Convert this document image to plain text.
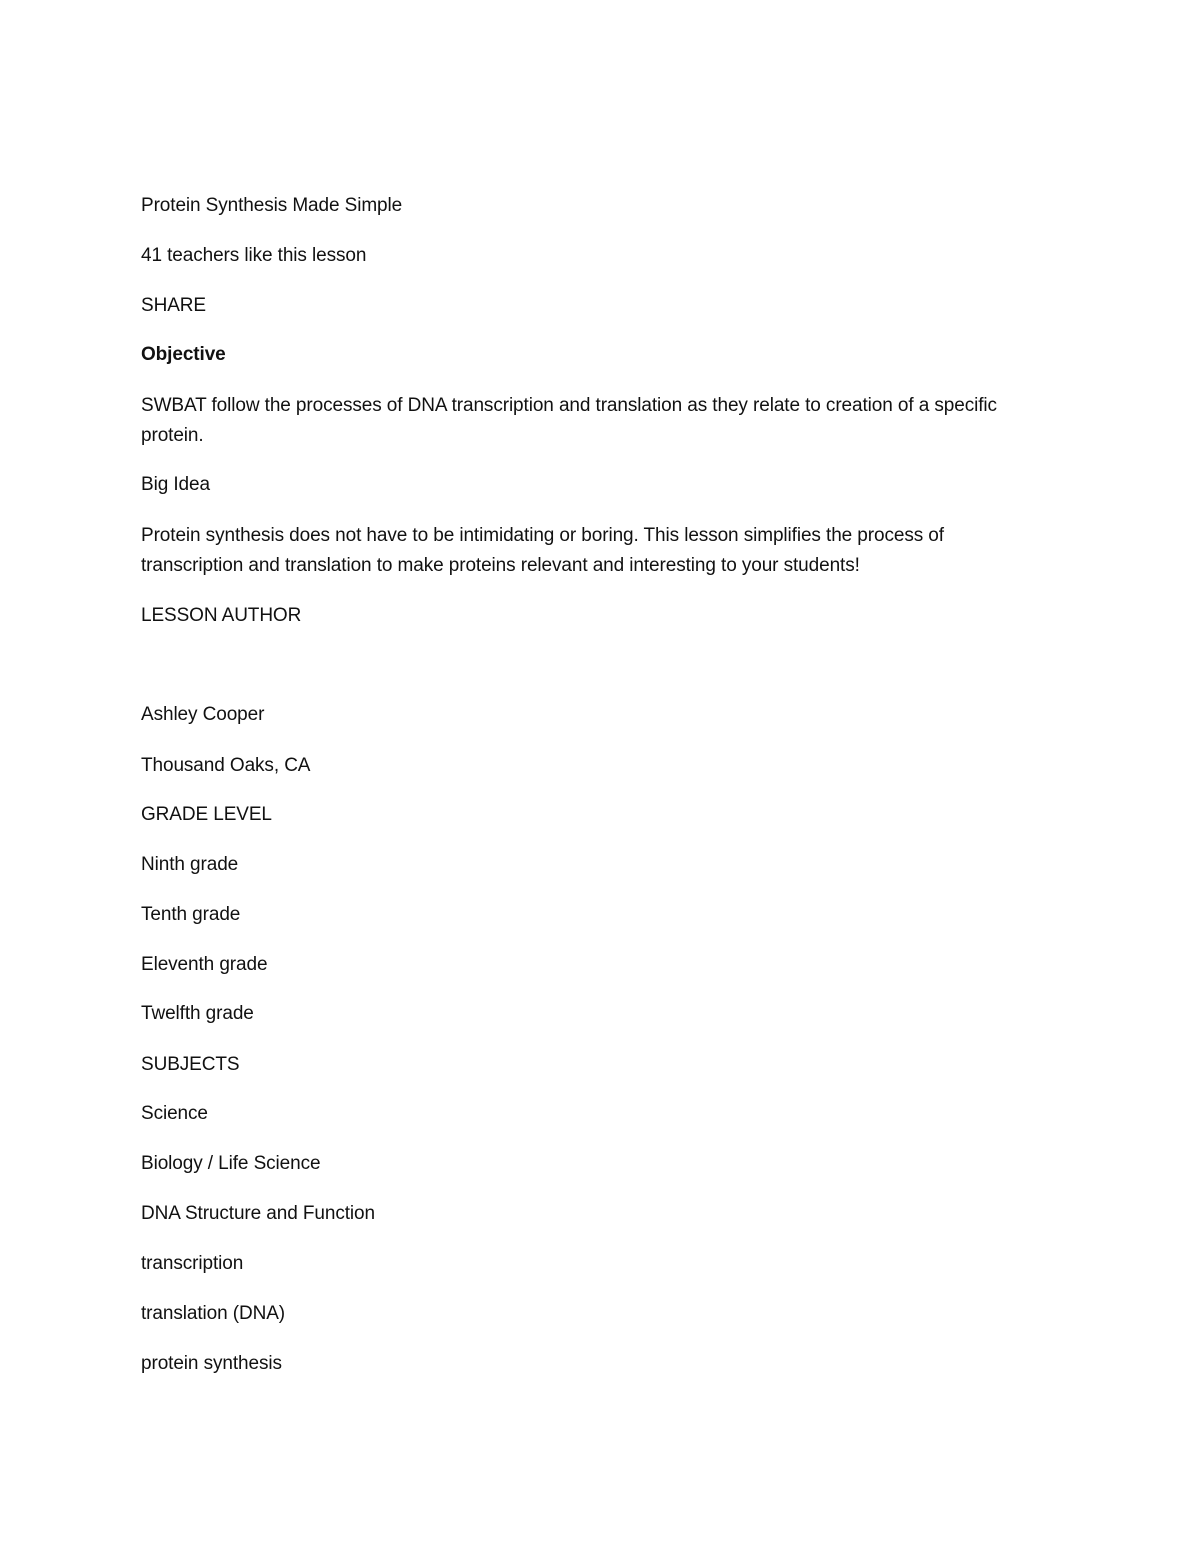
Protein Synthesis Made Simple
41 teachers like this lesson
SHARE
Objective
SWBAT follow the processes of DNA transcription and translation as they relate to creation of a specific protein.
Big Idea
Protein synthesis does not have to be intimidating or boring. This lesson simplifies the process of transcription and translation to make proteins relevant and interesting to your students!
LESSON AUTHOR
Ashley Cooper
Thousand Oaks, CA
GRADE LEVEL
Ninth grade
Tenth grade
Eleventh grade
Twelfth grade
SUBJECTS
Science
Biology / Life Science
DNA Structure and Function
transcription
translation (DNA)
protein synthesis
